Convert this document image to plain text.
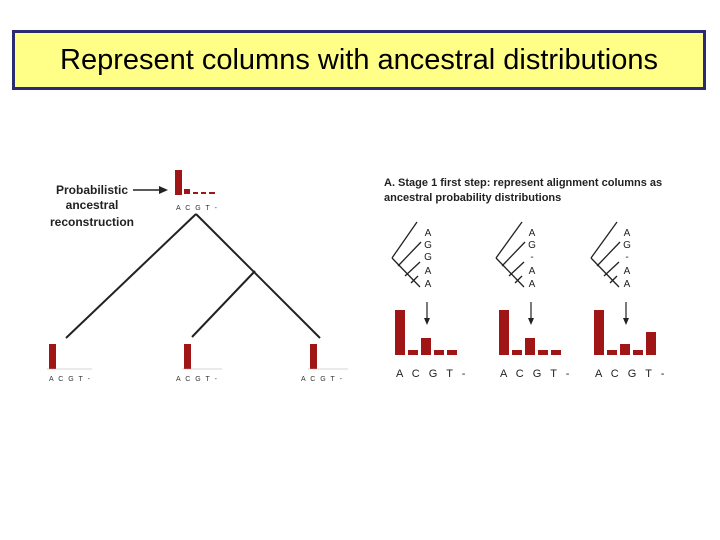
Represent columns with ancestral distributions
Probabilistic
ancestral
reconstruction
A C G T -
A C G T -	A C G T -	A C G T -
A. Stage 1 first step: represent alignment columns as
ancestral probability distributions
A
G
G
A
A
A C G T -
A
G
-
A
A
A C G T -
A
G
-
A
A
A C G T -
